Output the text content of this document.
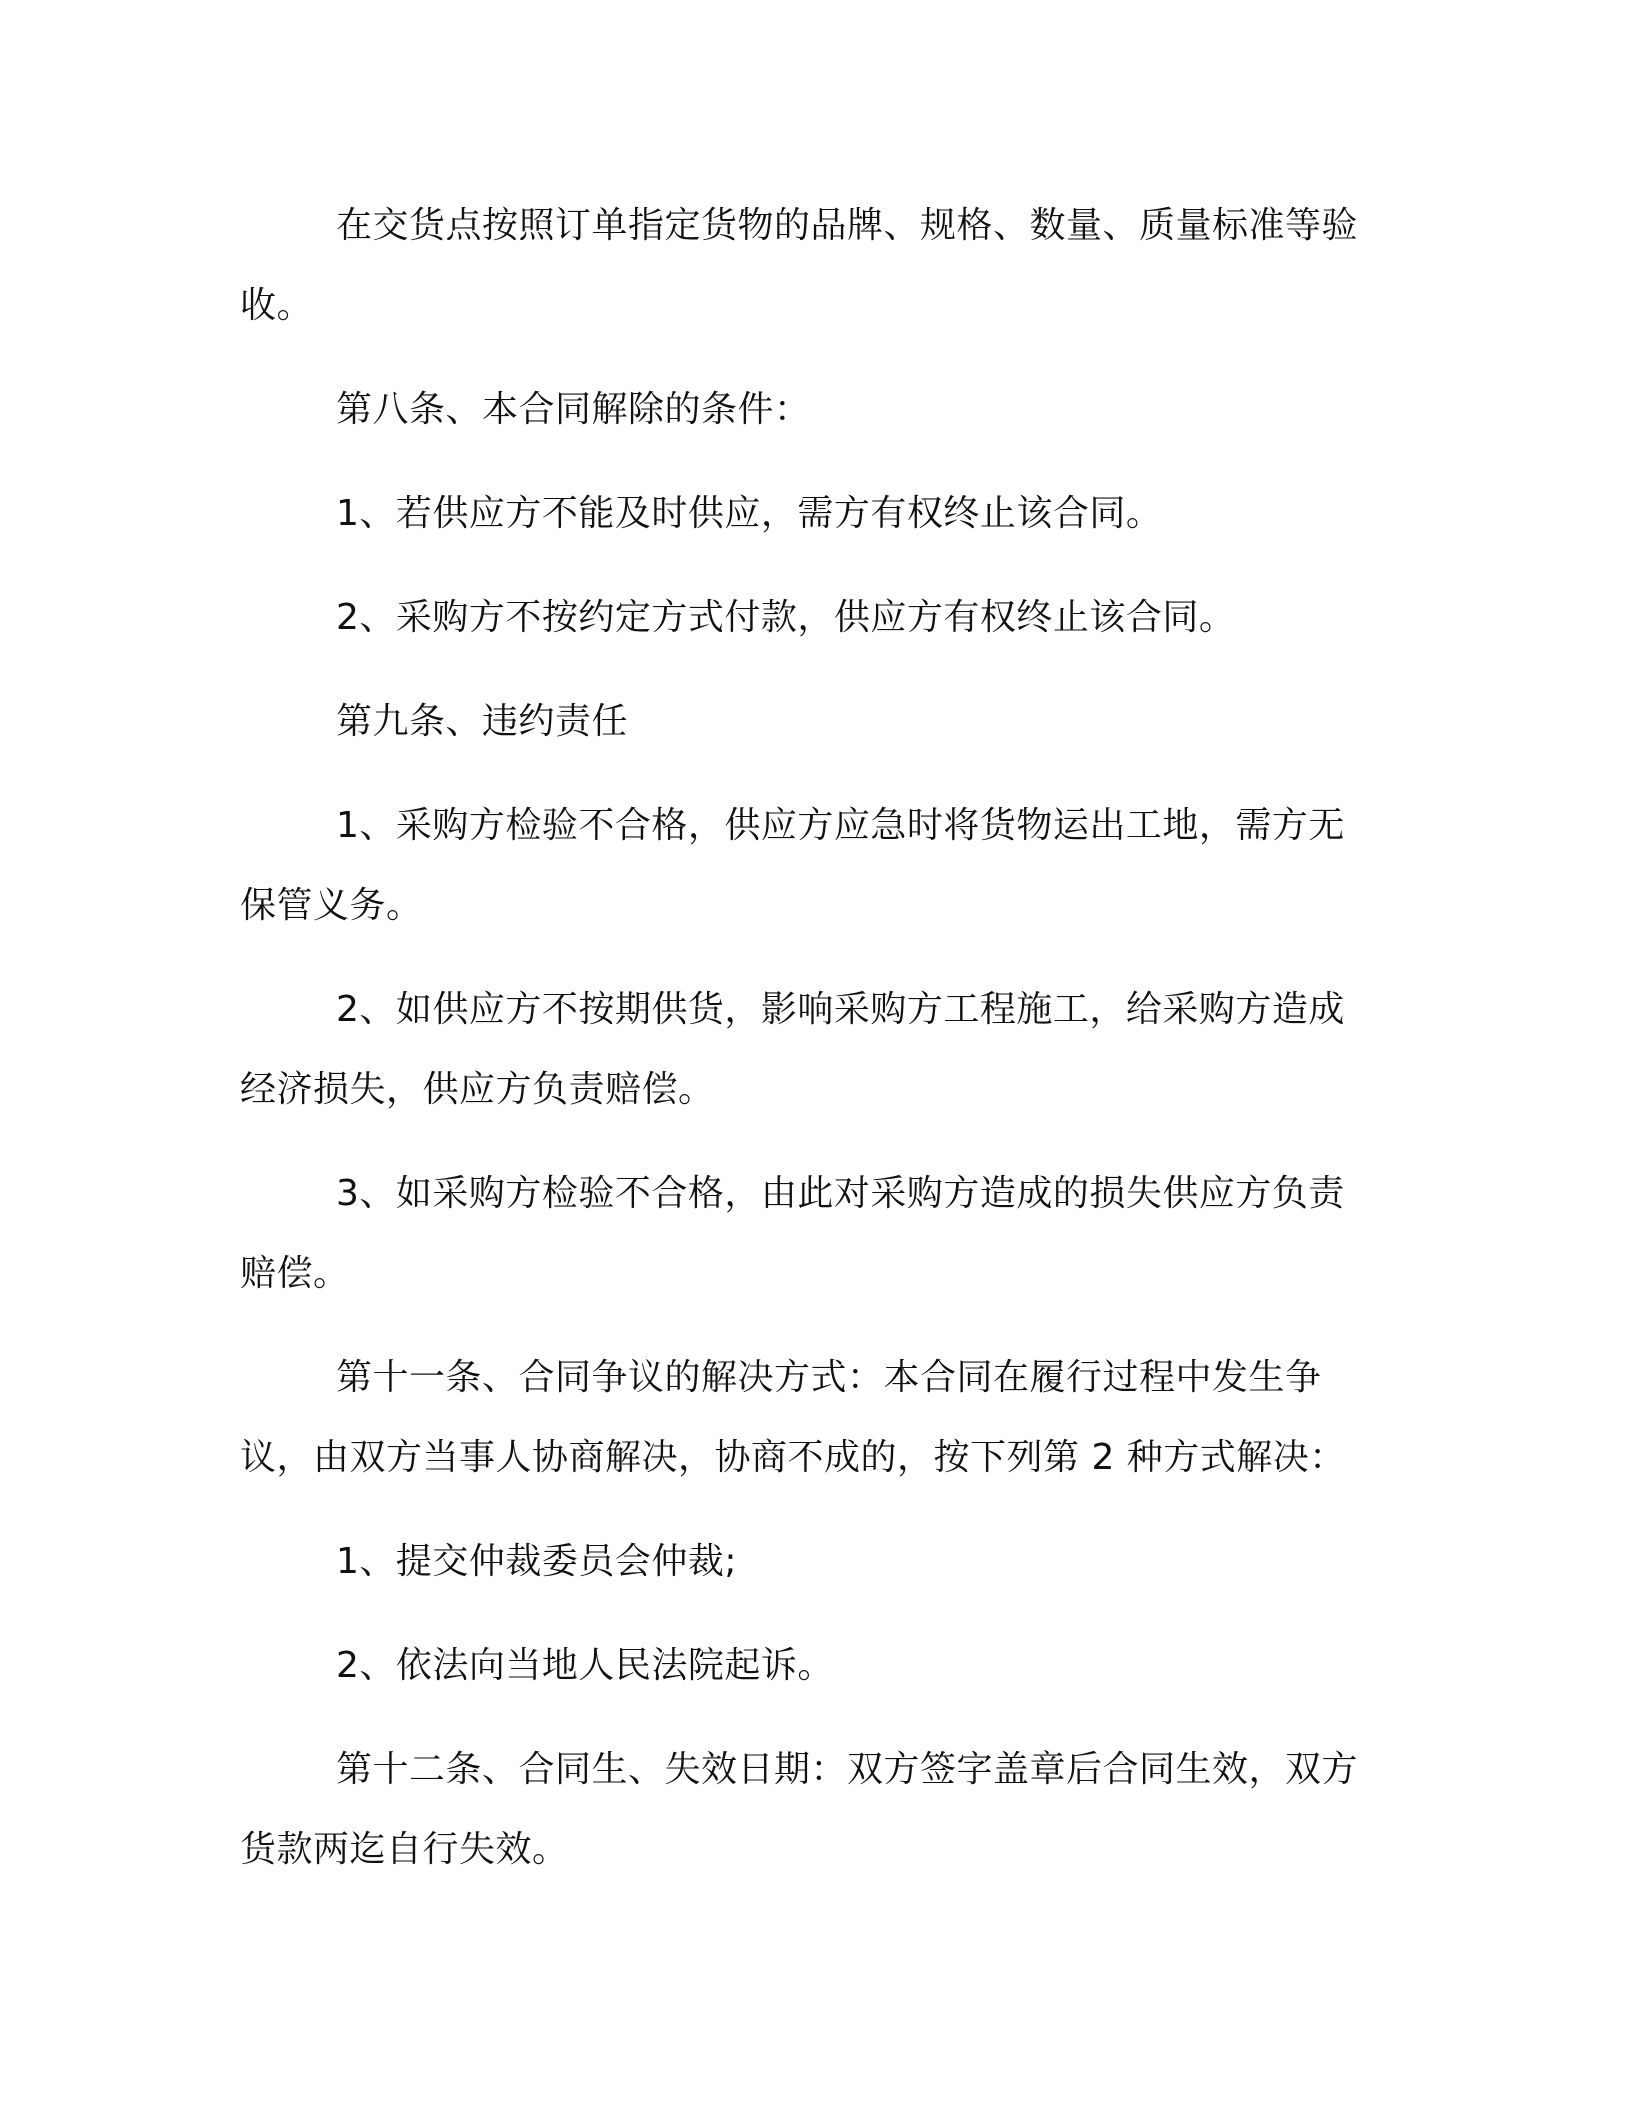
在交货点按照订单指定货物的品牌、规格、数量、质量标准等验收。

第八条、本合同解除的条件：

1、若供应方不能及时供应，需方有权终止该合同。

2、采购方不按约定方式付款，供应方有权终止该合同。

第九条、违约责任

1、采购方检验不合格，供应方应急时将货物运出工地，需方无保管义务。

2、如供应方不按期供货，影响采购方工程施工，给采购方造成经济损失，供应方负责赔偿。

3、如采购方检验不合格，由此对采购方造成的损失供应方负责赔偿。

第十一条、合同争议的解决方式：本合同在履行过程中发生争议，由双方当事人协商解决，协商不成的，按下列第 2 种方式解决：

1、提交仲裁委员会仲裁;

2、依法向当地人民法院起诉。

第十二条、合同生、失效日期：双方签字盖章后合同生效，双方货款两迄自行失效。
